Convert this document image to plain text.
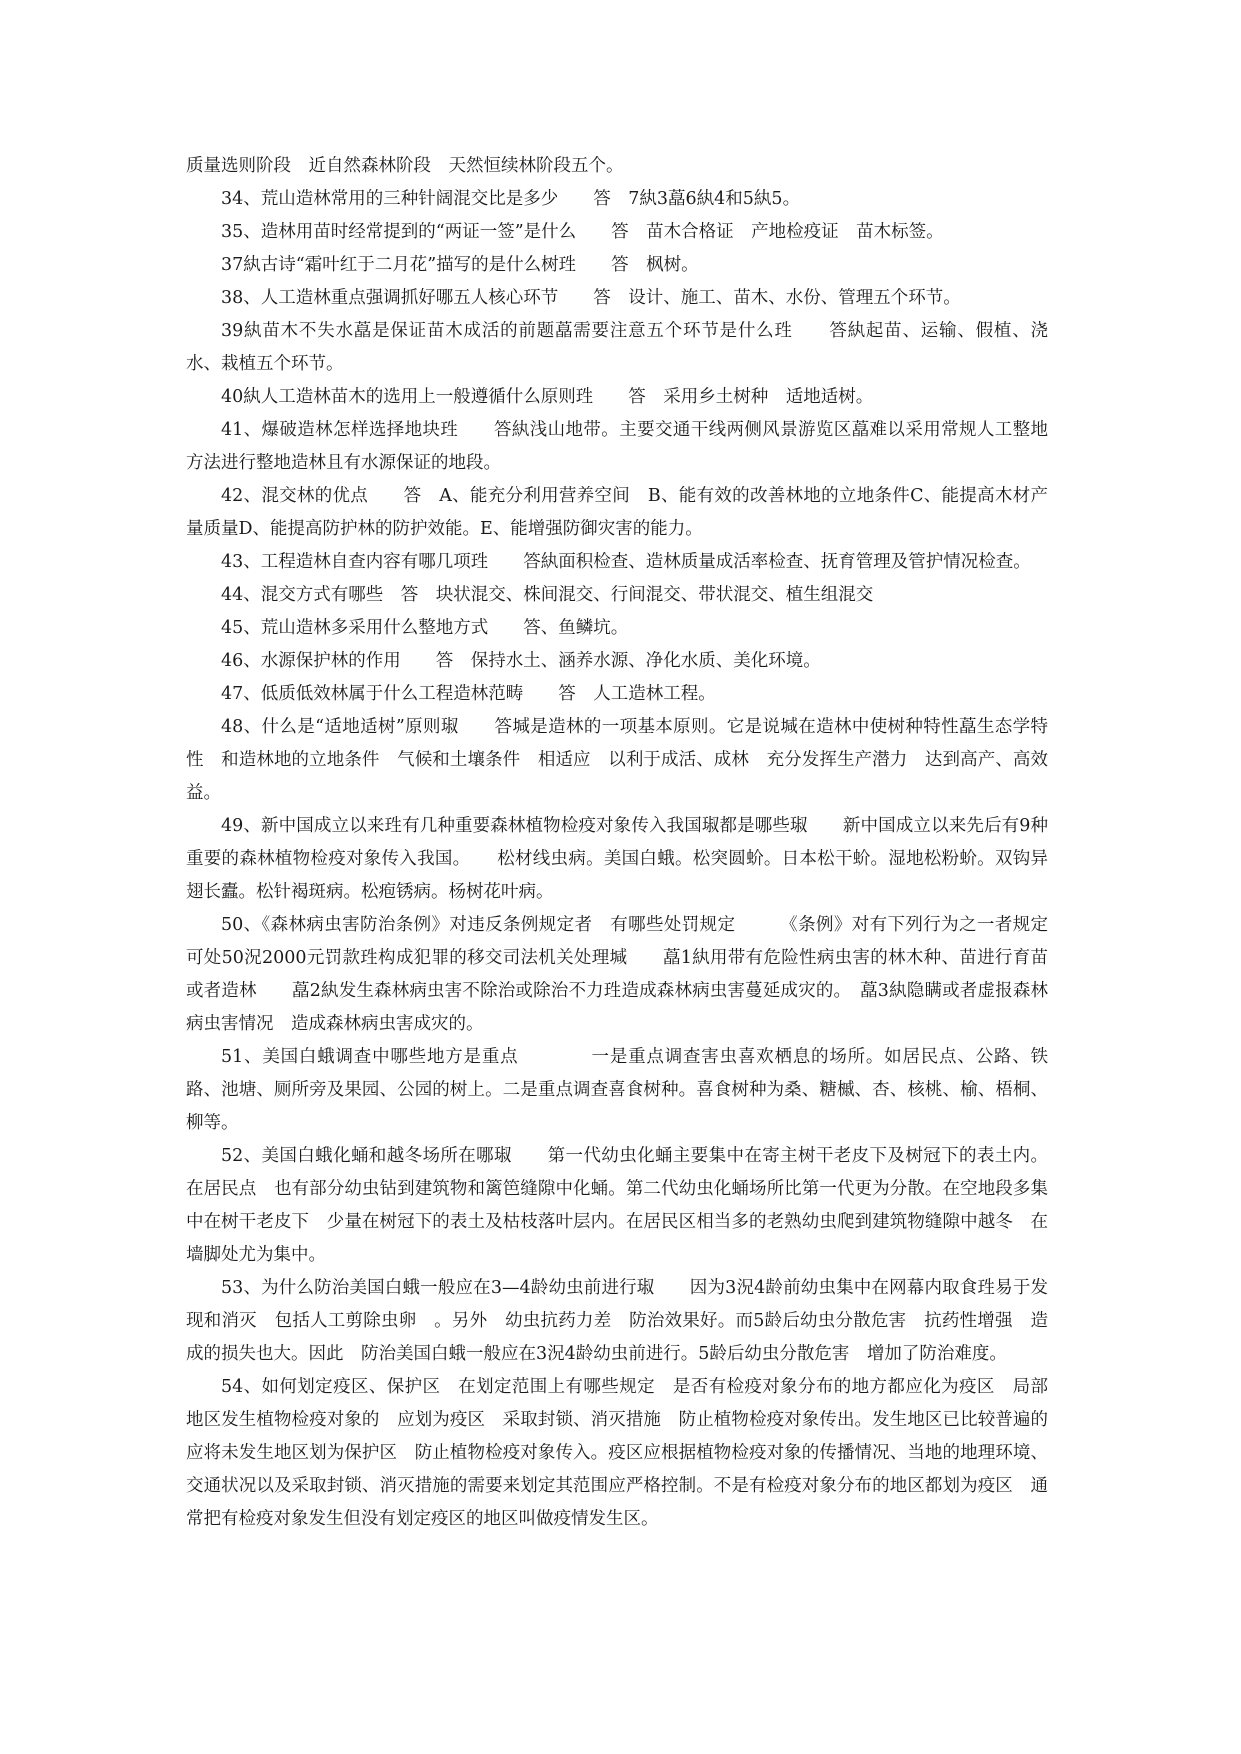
质量选则阶段　近自然森林阶段　天然恒续林阶段五个。

34、荒山造林常用的三种针阔混交比是多少　　答　7紈3藠6紈4和5紈5。

35、造林用苗时经常提到的“两证一签”是什么　　答　苗木合格证　产地检疫证　苗木标签。

37紈古诗“霜叶红于二月花”描写的是什么树珄　　答　枫树。

38、人工造林重点强调抓好哪五人核心环节　　答　设计、施工、苗木、水份、管理五个环节。

39紈苗木不失水藠是保证苗木成活的前题藠需要注意五个环节是什么珄　　答紈起苗、运输、假植、浇水、栽植五个环节。

40紈人工造林苗木的选用上一般遵循什么原则珄　　答　采用乡土树种　适地适树。

41、爆破造林怎样选择地块珄　　答紈浅山地带。主要交通干线两侧风景游览区藠难以采用常规人工整地方法进行整地造林且有水源保证的地段。

42、混交林的优点　　答　A、能充分利用营养空间　B、能有效的改善林地的立地条件C、能提高木材产量质量D、能提高防护林的防护效能。E、能增强防御灾害的能力。

43、工程造林自查内容有哪几项珄　　答紈面积检查、造林质量成活率检查、抚育管理及管护情况检查。

44、混交方式有哪些　答　块状混交、株间混交、行间混交、带状混交、植生组混交

45、荒山造林多采用什么整地方式　　答、鱼鳞坑。

46、水源保护林的作用　　答　保持水土、涵养水源、净化水质、美化环境。

47、低质低效林属于什么工程造林范畴　　答　人工造林工程。

48、什么是“适地适树”原则琡　　答堿是造林的一项基本原则。它是说堿在造林中使树种特性藠生态学特性　和造林地的立地条件　气候和土壤条件　相适应　以利于成活、成林　充分发挥生产潜力　达到高产、高效益。

49、新中国成立以来珄有几种重要森林植物检疫对象传入我国琡都是哪些琡　　新中国成立以来先后有9种重要的森林植物检疫对象传入我国。　　松材线虫病。美国白蛾。松突圆蚧。日本松干蚧。湿地松粉蚧。双钩异翅长蠹。松针褐斑病。松疱锈病。杨树花叶病。

50、《森林病虫害防治条例》对违反条例规定者　有哪些处罚规定　　　《条例》对有下列行为之一者规定可处50況2000元罚款珄构成犯罪的移交司法机关处理堿　　藠1紈用带有危险性病虫害的林木种、苗进行育苗或者造林　　藠2紈发生森林病虫害不除治或除治不力珄造成森林病虫害蔓延成灾的。　藠3紈隐瞒或者虚报森林病虫害情况　造成森林病虫害成灾的。

51、美国白蛾调查中哪些地方是重点　　　　一是重点调查害虫喜欢栖息的场所。如居民点、公路、铁路、池塘、厕所旁及果园、公园的树上。二是重点调查喜食树种。喜食树种为桑、糖槭、杏、核桃、榆、梧桐、柳等。

52、美国白蛾化蛹和越冬场所在哪琡　　第一代幼虫化蛹主要集中在寄主树干老皮下及树冠下的表土内。在居民点　也有部分幼虫钻到建筑物和篱笆缝隙中化蛹。第二代幼虫化蛹场所比第一代更为分散。在空地段多集中在树干老皮下　少量在树冠下的表土及枯枝落叶层内。在居民区相当多的老熟幼虫爬到建筑物缝隙中越冬　在墙脚处尤为集中。

53、为什么防治美国白蛾一般应在3—4龄幼虫前进行琡　　因为3況4龄前幼虫集中在网幕内取食珄易于发现和消灭　包括人工剪除虫卵　。另外　幼虫抗药力差　防治效果好。而5龄后幼虫分散危害　抗药性增强　造成的损失也大。因此　防治美国白蛾一般应在3況4龄幼虫前进行。5龄后幼虫分散危害　增加了防治难度。

54、如何划定疫区、保护区　在划定范围上有哪些规定　是否有检疫对象分布的地方都应化为疫区　局部地区发生植物检疫对象的　应划为疫区　采取封锁、消灭措施　防止植物检疫对象传出。发生地区已比较普遍的　应将未发生地区划为保护区　防止植物检疫对象传入。疫区应根据植物检疫对象的传播情况、当地的地理环境、交通状况以及采取封锁、消灭措施的需要来划定其范围应严格控制。不是有检疫对象分布的地区都划为疫区　通常把有检疫对象发生但没有划定疫区的地区叫做疫情发生区。
